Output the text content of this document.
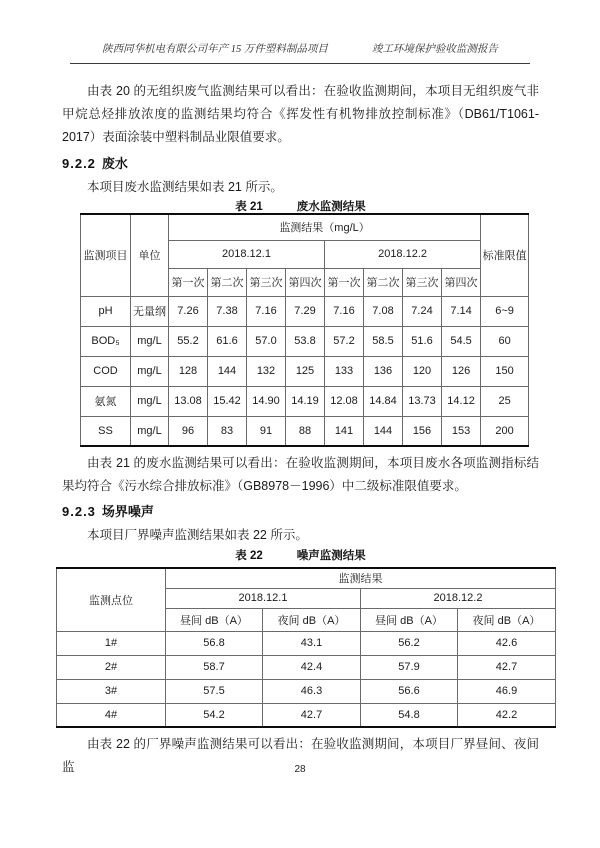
陕西同华机电有限公司年产 15 万件塑料制品项目	竣工环境保护验收监测报告
由表 20 的无组织废气监测结果可以看出：在验收监测期间，本项目无组织废气非甲烷总烃排放浓度的监测结果均符合《挥发性有机物排放控制标准》（DB61/T1061-2017）表面涂装中塑料制品业限值要求。
9.2.2 废水
本项目废水监测结果如表 21 所示。
表 21	废水监测结果
监测项目	单位	监测结果（mg/L）								标准限值
		2018.12.1				2018.12.2				
		第一次	第二次	第三次	第四次	第一次	第二次	第三次	第四次	
pH	无量纲	7.26	7.38	7.16	7.29	7.16	7.08	7.24	7.14	6~9
BOD₅	mg/L	55.2	61.6	57.0	53.8	57.2	58.5	51.6	54.5	60
COD	mg/L	128	144	132	125	133	136	120	126	150
氨氮	mg/L	13.08	15.42	14.90	14.19	12.08	14.84	13.73	14.12	25
SS	mg/L	96	83	91	88	141	144	156	153	200
由表 21 的废水监测结果可以看出：在验收监测期间，本项目废水各项监测指标结果均符合《污水综合排放标准》（GB8978－1996）中二级标准限值要求。
9.2.3 场界噪声
本项目厂界噪声监测结果如表 22 所示。
表 22	噪声监测结果
监测点位	监测结果			
	2018.12.1		2018.12.2	
	昼间 dB（A）	夜间 dB（A）	昼间 dB（A）	夜间 dB（A）
1#	56.8	43.1	56.2	42.6
2#	58.7	42.4	57.9	42.7
3#	57.5	46.3	56.6	46.9
4#	54.2	42.7	54.8	42.2
由表 22 的厂界噪声监测结果可以看出：在验收监测期间，本项目厂界昼间、夜间监	28
